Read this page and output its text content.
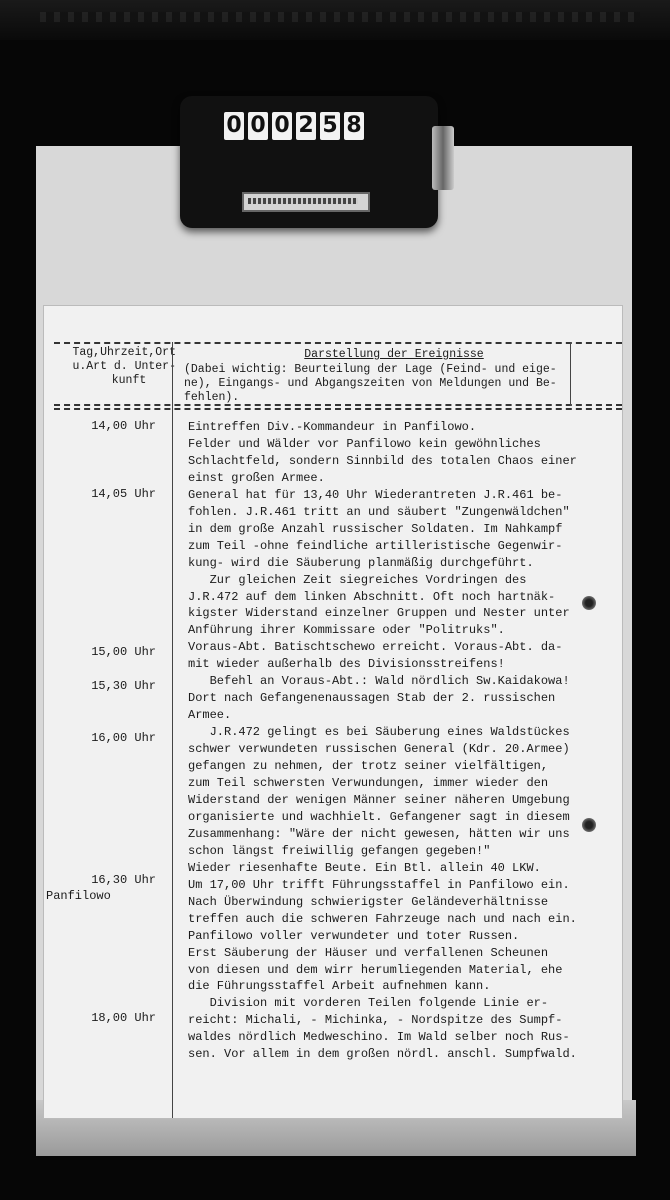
0 0 0 2 5 8
Tag,Uhrzeit,Ort
u.Art d. Unter-
kunft
Darstellung der Ereignisse
(Dabei wichtig: Beurteilung der Lage (Feind- und eige-
ne), Eingangs- und Abgangszeiten von Meldungen und Be-
fehlen).
14,00 Uhr
14,05 Uhr
15,00 Uhr
15,30 Uhr
16,00 Uhr
16,30 Uhr
Panfilowo
18,00 Uhr
Eintreffen Div.-Kommandeur in Panfilowo.
Felder und Wälder vor Panfilowo kein gewöhnliches
Schlachtfeld, sondern Sinnbild des totalen Chaos einer
einst großen Armee.
General hat für 13,40 Uhr Wiederantreten J.R.461 be-
fohlen. J.R.461 tritt an und säubert "Zungenwäldchen"
in dem große Anzahl russischer Soldaten. Im Nahkampf
zum Teil -ohne feindliche artilleristische Gegenwir-
kung- wird die Säuberung planmäßig durchgeführt.
Zur gleichen Zeit siegreiches Vordringen des
J.R.472 auf dem linken Abschnitt. Oft noch hartnäk-
kigster Widerstand einzelner Gruppen und Nester unter
Anführung ihrer Kommissare oder "Politruks".
Voraus-Abt. Batischtschewo erreicht. Voraus-Abt. da-
mit wieder außerhalb des Divisionsstreifens!
Befehl an Voraus-Abt.: Wald nördlich Sw.Kaidakowa!
Dort nach Gefangenenaussagen Stab der 2. russischen
Armee.
J.R.472 gelingt es bei Säuberung eines Waldstückes
schwer verwundeten russischen General (Kdr. 20.Armee)
gefangen zu nehmen, der trotz seiner vielfältigen,
zum Teil schwersten Verwundungen, immer wieder den
Widerstand der wenigen Männer seiner näheren Umgebung
organisierte und wachhielt. Gefangener sagt in diesem
Zusammenhang: "Wäre der nicht gewesen, hätten wir uns
schon längst freiwillig gefangen gegeben!"
Wieder riesenhafte Beute. Ein Btl. allein 40 LKW.
Um 17,00 Uhr trifft Führungsstaffel in Panfilowo ein.
Nach Überwindung schwierigster Geländeverhältnisse
treffen auch die schweren Fahrzeuge nach und nach ein.
Panfilowo voller verwundeter und toter Russen.
Erst Säuberung der Häuser und verfallenen Scheunen
von diesen und dem wirr herumliegenden Material, ehe
die Führungsstaffel Arbeit aufnehmen kann.
Division mit vorderen Teilen folgende Linie er-
reicht: Michali, - Michinka, - Nordspitze des Sumpf-
waldes nördlich Medweschino. Im Wald selber noch Rus-
sen. Vor allem in dem großen nördl. anschl. Sumpfwald.
